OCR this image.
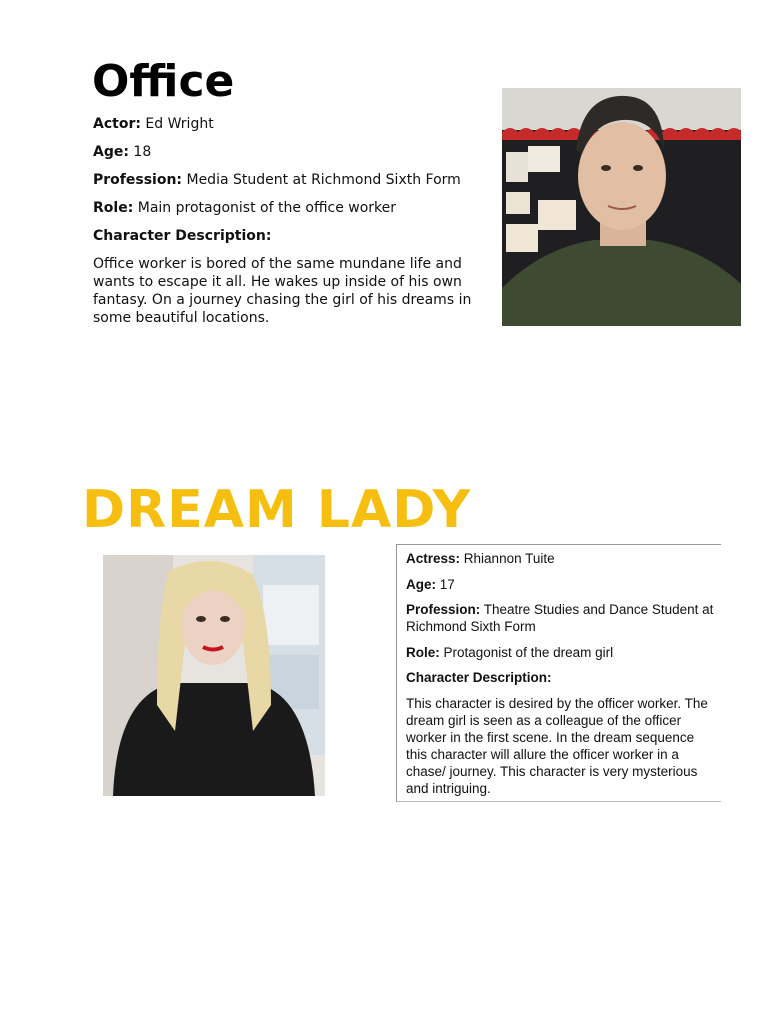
Office
Actor: Ed Wright
Age: 18
Profession: Media Student at Richmond Sixth Form
Role: Main protagonist of the office worker
Character Description:
Office worker is bored of the same mundane life and wants to escape it all. He wakes up inside of his own fantasy. On a journey chasing the girl of his dreams in some beautiful locations.
DREAM LADY
Actress: Rhiannon Tuite
Age: 17
Profession: Theatre Studies and Dance Student at Richmond Sixth Form
Role: Protagonist of the dream girl
Character Description:
This character is desired by the officer worker. The dream girl is seen as a colleague of the officer worker in the first scene. In the dream sequence this character will allure the officer worker in a chase/ journey. This character is very mysterious and intriguing.
